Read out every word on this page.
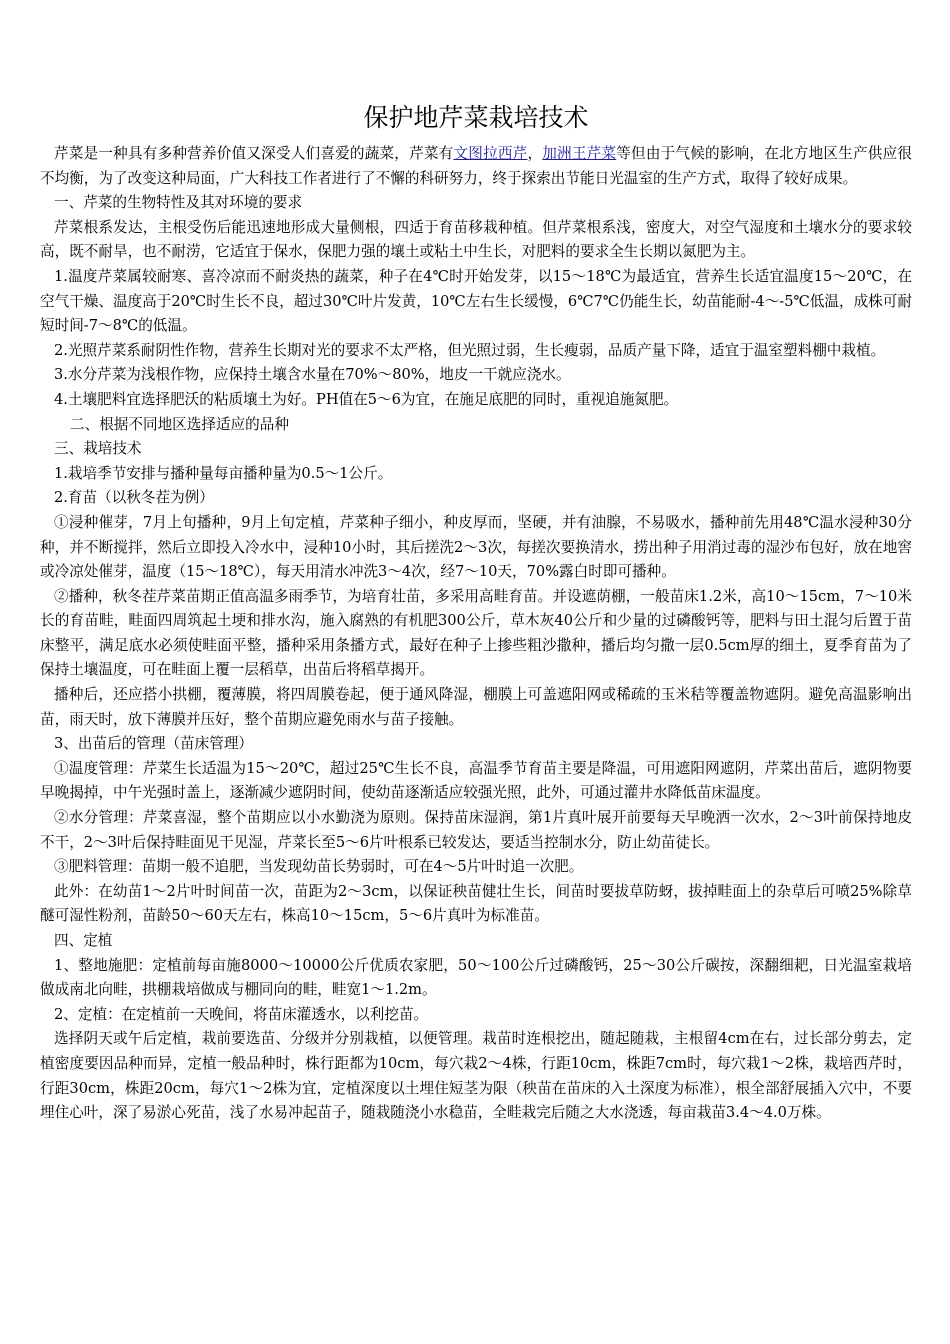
保护地芹菜栽培技术

芹菜是一种具有多种营养价值又深受人们喜爱的蔬菜，芹菜有文图拉西芹，加洲王芹菜等但由于气候的影响，在北方地区生产供应很不均衡，为了改变这种局面，广大科技工作者进行了不懈的科研努力，终于探索出节能日光温室的生产方式，取得了较好成果。

一、芹菜的生物特性及其对环境的要求

芹菜根系发达，主根受伤后能迅速地形成大量侧根，四适于育苗移栽种植。但芹菜根系浅，密度大，对空气湿度和土壤水分的要求较高，既不耐旱，也不耐涝，它适宜于保水，保肥力强的壤土或粘土中生长，对肥料的要求全生长期以氮肥为主。

1.温度芹菜属较耐寒、喜冷凉而不耐炎热的蔬菜，种子在4℃时开始发芽，以15～18℃为最适宜，营养生长适宜温度15～20℃，在空气干燥、温度高于20℃时生长不良，超过30℃叶片发黄，10℃左右生长缓慢，6℃7℃仍能生长，幼苗能耐-4～-5℃低温，成株可耐短时间-7～8℃的低温。

2.光照芹菜系耐阴性作物，营养生长期对光的要求不太严格，但光照过弱，生长瘦弱，品质产量下降，适宜于温室塑料棚中栽植。

3.水分芹菜为浅根作物，应保持土壤含水量在70%～80%，地皮一干就应浇水。

4.土壤肥料宜选择肥沃的粘质壤土为好。PH值在5～6为宜，在施足底肥的同时，重视追施氮肥。

二、根据不同地区选择适应的品种

三、栽培技术

1.栽培季节安排与播种量每亩播种量为0.5～1公斤。

2.育苗（以秋冬茬为例）

①浸种催芽，7月上旬播种，9月上旬定植，芹菜种子细小，种皮厚而，坚硬，并有油腺，不易吸水，播种前先用48℃温水浸种30分种，并不断搅拌，然后立即投入冷水中，浸种10小时，其后搓洗2～3次，每搓次要换清水，捞出种子用消过毒的湿沙布包好，放在地窖或冷凉处催芽，温度（15～18℃），每天用清水冲洗3～4次，经7～10天，70%露白时即可播种。

②播种，秋冬茬芹菜苗期正值高温多雨季节，为培育壮苗，多采用高畦育苗。并设遮荫棚，一般苗床1.2米，高10～15cm，7～10米长的育苗畦，畦面四周筑起土埂和排水沟，施入腐熟的有机肥300公斤，草木灰40公斤和少量的过磷酸钙等，肥料与田土混匀后置于苗床整平，满足底水必须使畦面平整，播种采用条播方式，最好在种子上掺些粗沙撒种，播后均匀撒一层0.5cm厚的细土，夏季育苗为了保持土壤温度，可在畦面上覆一层稻草，出苗后将稻草揭开。

播种后，还应搭小拱棚，覆薄膜，将四周膜卷起，便于通风降湿，棚膜上可盖遮阳网或稀疏的玉米秸等覆盖物遮阴。避免高温影响出苗，雨天时，放下薄膜并压好，整个苗期应避免雨水与苗子接触。

3、出苗后的管理（苗床管理）

①温度管理：芹菜生长适温为15～20℃，超过25℃生长不良，高温季节育苗主要是降温，可用遮阳网遮阴，芹菜出苗后，遮阴物要早晚揭掉，中午光强时盖上，逐渐减少遮阴时间，使幼苗逐渐适应较强光照，此外，可通过灌井水降低苗床温度。

②水分管理：芹菜喜湿，整个苗期应以小水勤浇为原则。保持苗床湿润，第1片真叶展开前要每天早晚洒一次水，2～3叶前保持地皮不干，2～3叶后保持畦面见干见湿，芹菜长至5～6片叶根系已较发达，要适当控制水分，防止幼苗徒长。

③肥料管理：苗期一般不追肥，当发现幼苗长势弱时，可在4～5片叶时追一次肥。

此外：在幼苗1～2片叶时间苗一次，苗距为2～3cm，以保证秧苗健壮生长，间苗时要拔草防蚜，拔掉畦面上的杂草后可喷25%除草醚可湿性粉剂，苗龄50～60天左右，株高10～15cm，5～6片真叶为标准苗。

四、定植

1、整地施肥：定植前每亩施8000～10000公斤优质农家肥，50～100公斤过磷酸钙，25～30公斤碳按，深翻细耙，日光温室栽培做成南北向畦，拱棚栽培做成与棚同向的畦，畦宽1～1.2m。

2、定植：在定植前一天晚间，将苗床灌透水，以利挖苗。

选择阴天或午后定植，栽前要选苗、分级并分别栽植，以便管理。栽苗时连根挖出，随起随栽，主根留4cm在右，过长部分剪去，定植密度要因品种而异，定植一般品种时，株行距都为10cm，每穴栽2～4株，行距10cm，株距7cm时，每穴栽1～2株，栽培西芹时，行距30cm，株距20cm，每穴1～2株为宜，定植深度以土埋住短茎为限（秧苗在苗床的入土深度为标准），根全部舒展插入穴中，不要埋住心叶，深了易淤心死苗，浅了水易冲起苗子，随栽随浇小水稳苗，全畦栽完后随之大水浇透，每亩栽苗3.4～4.0万株。
